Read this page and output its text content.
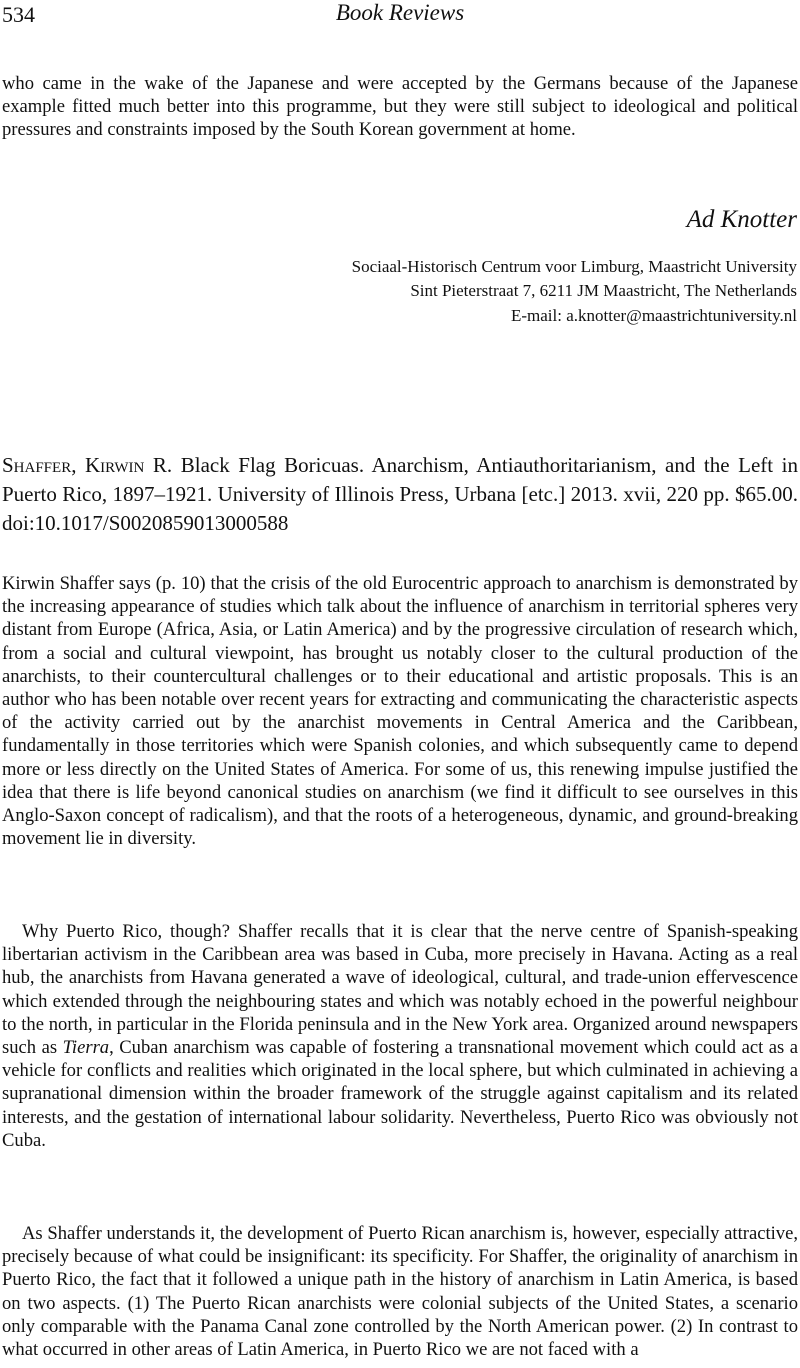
534	Book Reviews

who came in the wake of the Japanese and were accepted by the Germans because of the Japanese example fitted much better into this programme, but they were still subject to ideological and political pressures and constraints imposed by the South Korean government at home.

Ad Knotter
Sociaal-Historisch Centrum voor Limburg, Maastricht University
Sint Pieterstraat 7, 6211 JM Maastricht, The Netherlands
E-mail: a.knotter@maastrichtuniversity.nl

Shaffer, Kirwin R. Black Flag Boricuas. Anarchism, Antiauthoritarianism, and the Left in Puerto Rico, 1897–1921. University of Illinois Press, Urbana [etc.] 2013. xvii, 220 pp. $65.00. doi:10.1017/S0020859013000588

Kirwin Shaffer says (p. 10) that the crisis of the old Eurocentric approach to anarchism is demonstrated by the increasing appearance of studies which talk about the influence of anarchism in territorial spheres very distant from Europe (Africa, Asia, or Latin America) and by the progressive circulation of research which, from a social and cultural viewpoint, has brought us notably closer to the cultural production of the anarchists, to their countercultural challenges or to their educational and artistic proposals. This is an author who has been notable over recent years for extracting and communicating the characteristic aspects of the activity carried out by the anarchist movements in Central America and the Caribbean, fundamentally in those territories which were Spanish colonies, and which subsequently came to depend more or less directly on the United States of America. For some of us, this renewing impulse justified the idea that there is life beyond canonical studies on anarchism (we find it difficult to see ourselves in this Anglo-Saxon concept of radicalism), and that the roots of a heterogeneous, dynamic, and ground-breaking movement lie in diversity.

Why Puerto Rico, though? Shaffer recalls that it is clear that the nerve centre of Spanish-speaking libertarian activism in the Caribbean area was based in Cuba, more precisely in Havana. Acting as a real hub, the anarchists from Havana generated a wave of ideological, cultural, and trade-union effervescence which extended through the neighbouring states and which was notably echoed in the powerful neighbour to the north, in particular in the Florida peninsula and in the New York area. Organized around newspapers such as Tierra, Cuban anarchism was capable of fostering a transnational movement which could act as a vehicle for conflicts and realities which originated in the local sphere, but which culminated in achieving a supranational dimension within the broader framework of the struggle against capitalism and its related interests, and the gestation of international labour solidarity. Nevertheless, Puerto Rico was obviously not Cuba.

As Shaffer understands it, the development of Puerto Rican anarchism is, however, especially attractive, precisely because of what could be insignificant: its specificity. For Shaffer, the originality of anarchism in Puerto Rico, the fact that it followed a unique path in the history of anarchism in Latin America, is based on two aspects. (1) The Puerto Rican anarchists were colonial subjects of the United States, a scenario only comparable with the Panama Canal zone controlled by the North American power. (2) In contrast to what occurred in other areas of Latin America, in Puerto Rico we are not faced with a
